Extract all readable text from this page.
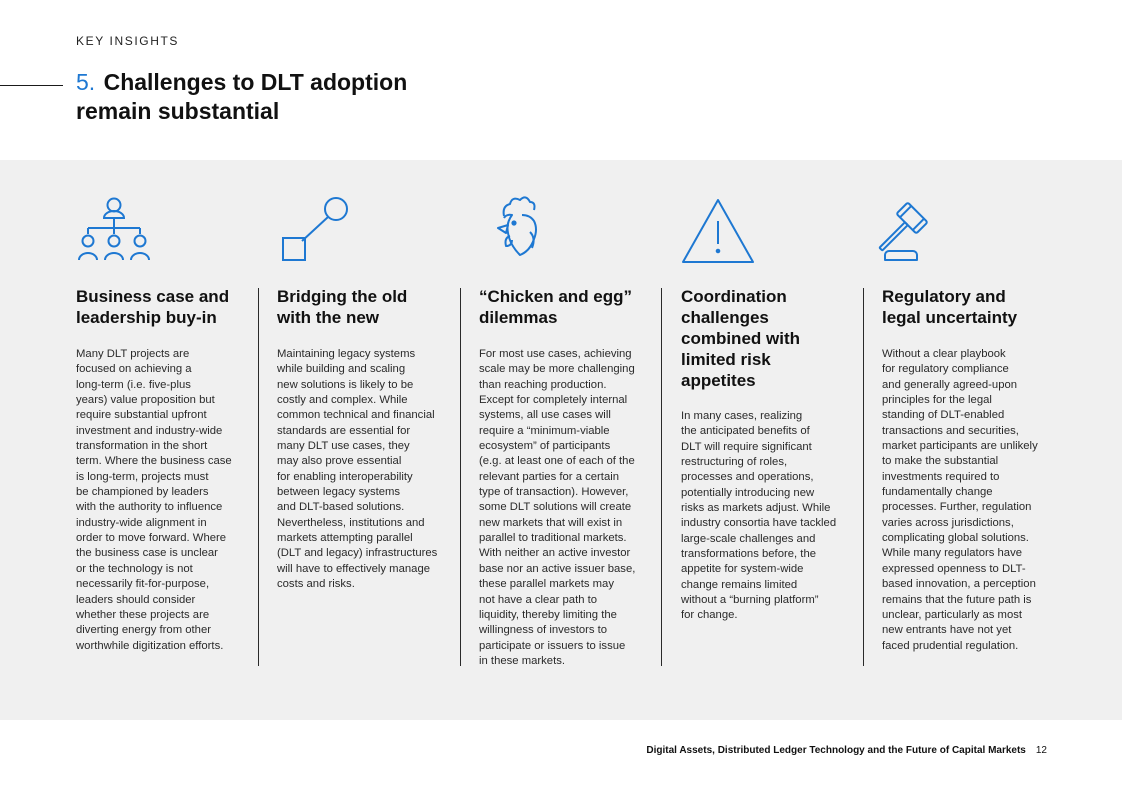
KEY INSIGHTS
5. Challenges to DLT adoption
remain substantial
Business case and
leadership buy-in
Many DLT projects are
focused on achieving a
long-term (i.e. five-plus
years) value proposition but
require substantial upfront
investment and industry-wide
transformation in the short
term. Where the business case
is long-term, projects must
be championed by leaders
with the authority to influence
industry-wide alignment in
order to move forward. Where
the business case is unclear
or the technology is not
necessarily fit-for-purpose,
leaders should consider
whether these projects are
diverting energy from other
worthwhile digitization efforts.
Bridging the old
with the new
Maintaining legacy systems
while building and scaling
new solutions is likely to be
costly and complex. While
common technical and financial
standards are essential for
many DLT use cases, they
may also prove essential
for enabling interoperability
between legacy systems
and DLT-based solutions.
Nevertheless, institutions and
markets attempting parallel
(DLT and legacy) infrastructures
will have to effectively manage
costs and risks.
“Chicken and egg”
dilemmas
For most use cases, achieving
scale may be more challenging
than reaching production.
Except for completely internal
systems, all use cases will
require a “minimum-viable
ecosystem” of participants
(e.g. at least one of each of the
relevant parties for a certain
type of transaction). However,
some DLT solutions will create
new markets that will exist in
parallel to traditional markets.
With neither an active investor
base nor an active issuer base,
these parallel markets may
not have a clear path to
liquidity, thereby limiting the
willingness of investors to
participate or issuers to issue
in these markets.
Coordination
challenges
combined with
limited risk
appetites
In many cases, realizing
the anticipated benefits of
DLT will require significant
restructuring of roles,
processes and operations,
potentially introducing new
risks as markets adjust. While
industry consortia have tackled
large-scale challenges and
transformations before, the
appetite for system-wide
change remains limited
without a “burning platform”
for change.
Regulatory and
legal uncertainty
Without a clear playbook
for regulatory compliance
and generally agreed-upon
principles for the legal
standing of DLT-enabled
transactions and securities,
market participants are unlikely
to make the substantial
investments required to
fundamentally change
processes. Further, regulation
varies across jurisdictions,
complicating global solutions.
While many regulators have
expressed openness to DLT-
based innovation, a perception
remains that the future path is
unclear, particularly as most
new entrants have not yet
faced prudential regulation.
Digital Assets, Distributed Ledger Technology and the Future of Capital Markets 12
